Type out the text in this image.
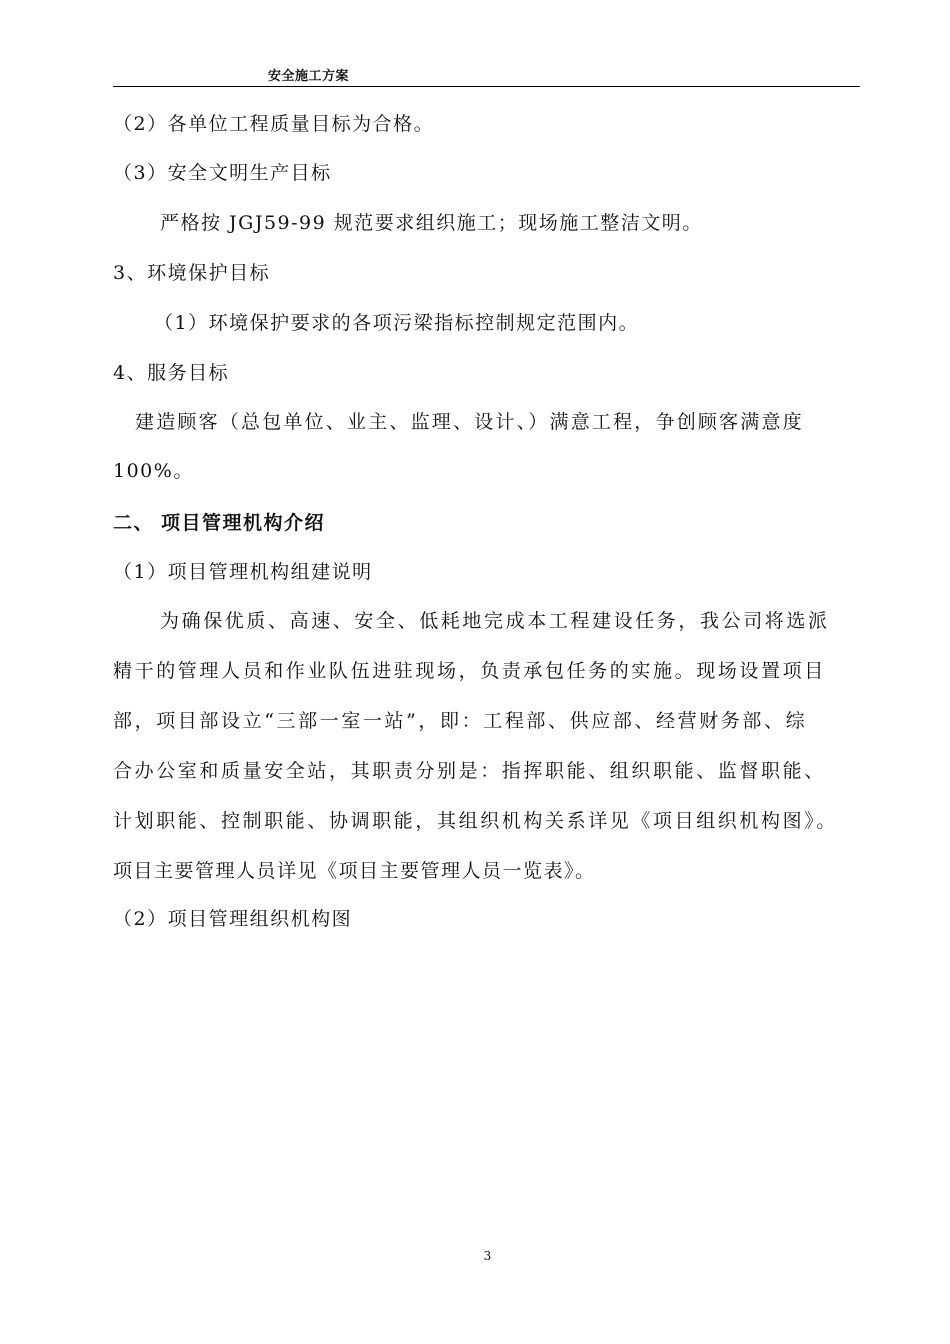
安全施工方案
（2）各单位工程质量目标为合格。
（3）安全文明生产目标
严格按 JGJ59-99 规范要求组织施工；现场施工整洁文明。
3、环境保护目标
（1）环境保护要求的各项污梁指标控制规定范围内。
4、服务目标
建造顾客（总包单位、业主、监理、设计、）满意工程，争创顾客满意度
100%。
二、 项目管理机构介绍
（1）项目管理机构组建说明
为确保优质、高速、安全、低耗地完成本工程建设任务，我公司将选派
精干的管理人员和作业队伍进驻现场，负责承包任务的实施。现场设置项目
部，项目部设立“三部一室一站”，即：工程部、供应部、经营财务部、综
合办公室和质量安全站，其职责分别是：指挥职能、组织职能、监督职能、
计划职能、控制职能、协调职能，其组织机构关系详见《项目组织机构图》。
项目主要管理人员详见《项目主要管理人员一览表》。
（2）项目管理组织机构图
3
